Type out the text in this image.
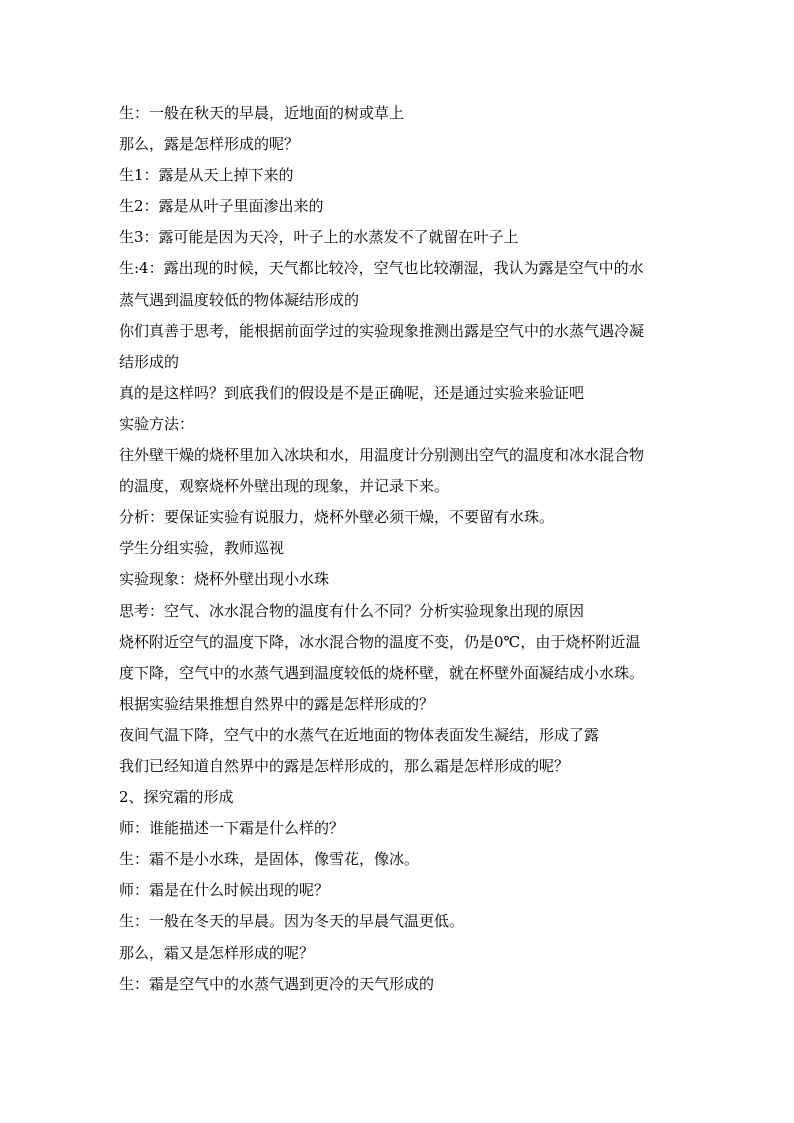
生：一般在秋天的早晨，近地面的树或草上

那么，露是怎样形成的呢？

生1：露是从天上掉下来的

生2：露是从叶子里面渗出来的

生3：露可能是因为天冷，叶子上的水蒸发不了就留在叶子上

生:4：露出现的时候，天气都比较冷，空气也比较潮湿，我认为露是空气中的水

蒸气遇到温度较低的物体凝结形成的

你们真善于思考，能根据前面学过的实验现象推测出露是空气中的水蒸气遇冷凝

结形成的

真的是这样吗？到底我们的假设是不是正确呢，还是通过实验来验证吧

实验方法：

往外壁干燥的烧杯里加入冰块和水，用温度计分别测出空气的温度和冰水混合物

的温度，观察烧杯外壁出现的现象，并记录下来。

分析：要保证实验有说服力，烧杯外壁必须干燥，不要留有水珠。

学生分组实验，教师巡视

实验现象：烧杯外壁出现小水珠

思考：空气、冰水混合物的温度有什么不同？分析实验现象出现的原因

烧杯附近空气的温度下降，冰水混合物的温度不变，仍是0℃，由于烧杯附近温

度下降，空气中的水蒸气遇到温度较低的烧杯壁，就在杯壁外面凝结成小水珠。

根据实验结果推想自然界中的露是怎样形成的？

夜间气温下降，空气中的水蒸气在近地面的物体表面发生凝结，形成了露

我们已经知道自然界中的露是怎样形成的，那么霜是怎样形成的呢？

2、探究霜的形成

师：谁能描述一下霜是什么样的？

生：霜不是小水珠，是固体，像雪花，像冰。

师：霜是在什么时候出现的呢？

生：一般在冬天的早晨。因为冬天的早晨气温更低。

那么，霜又是怎样形成的呢？

生：霜是空气中的水蒸气遇到更冷的天气形成的
